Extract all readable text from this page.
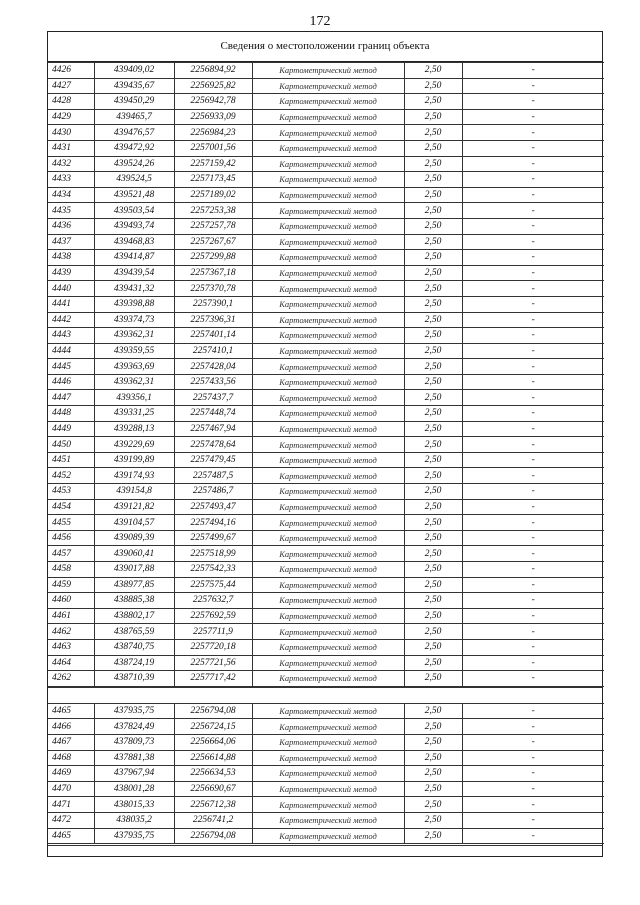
172
Сведения о местоположении границ объекта
4426	439409,02	2256894,92	Картометрический метод	2,50	-
4427	439435,67	2256925,82	Картометрический метод	2,50	-
4428	439450,29	2256942,78	Картометрический метод	2,50	-
4429	439465,7	2256933,09	Картометрический метод	2,50	-
4430	439476,57	2256984,23	Картометрический метод	2,50	-
4431	439472,92	2257001,56	Картометрический метод	2,50	-
4432	439524,26	2257159,42	Картометрический метод	2,50	-
4433	439524,5	2257173,45	Картометрический метод	2,50	-
4434	439521,48	2257189,02	Картометрический метод	2,50	-
4435	439503,54	2257253,38	Картометрический метод	2,50	-
4436	439493,74	2257257,78	Картометрический метод	2,50	-
4437	439468,83	2257267,67	Картометрический метод	2,50	-
4438	439414,87	2257299,88	Картометрический метод	2,50	-
4439	439439,54	2257367,18	Картометрический метод	2,50	-
4440	439431,32	2257370,78	Картометрический метод	2,50	-
4441	439398,88	2257390,1	Картометрический метод	2,50	-
4442	439374,73	2257396,31	Картометрический метод	2,50	-
4443	439362,31	2257401,14	Картометрический метод	2,50	-
4444	439359,55	2257410,1	Картометрический метод	2,50	-
4445	439363,69	2257428,04	Картометрический метод	2,50	-
4446	439362,31	2257433,56	Картометрический метод	2,50	-
4447	439356,1	2257437,7	Картометрический метод	2,50	-
4448	439331,25	2257448,74	Картометрический метод	2,50	-
4449	439288,13	2257467,94	Картометрический метод	2,50	-
4450	439229,69	2257478,64	Картометрический метод	2,50	-
4451	439199,89	2257479,45	Картометрический метод	2,50	-
4452	439174,93	2257487,5	Картометрический метод	2,50	-
4453	439154,8	2257486,7	Картометрический метод	2,50	-
4454	439121,82	2257493,47	Картометрический метод	2,50	-
4455	439104,57	2257494,16	Картометрический метод	2,50	-
4456	439089,39	2257499,67	Картометрический метод	2,50	-
4457	439060,41	2257518,99	Картометрический метод	2,50	-
4458	439017,88	2257542,33	Картометрический метод	2,50	-
4459	438977,85	2257575,44	Картометрический метод	2,50	-
4460	438885,38	2257632,7	Картометрический метод	2,50	-
4461	438802,17	2257692,59	Картометрический метод	2,50	-
4462	438765,59	2257711,9	Картометрический метод	2,50	-
4463	438740,75	2257720,18	Картометрический метод	2,50	-
4464	438724,19	2257721,56	Картометрический метод	2,50	-
4262	438710,39	2257717,42	Картометрический метод	2,50	-
4465	437935,75	2256794,08	Картометрический метод	2,50	-
4466	437824,49	2256724,15	Картометрический метод	2,50	-
4467	437809,73	2256664,06	Картометрический метод	2,50	-
4468	437881,38	2256614,88	Картометрический метод	2,50	-
4469	437967,94	2256634,53	Картометрический метод	2,50	-
4470	438001,28	2256690,67	Картометрический метод	2,50	-
4471	438015,33	2256712,38	Картометрический метод	2,50	-
4472	438035,2	2256741,2	Картометрический метод	2,50	-
4465	437935,75	2256794,08	Картометрический метод	2,50	-
